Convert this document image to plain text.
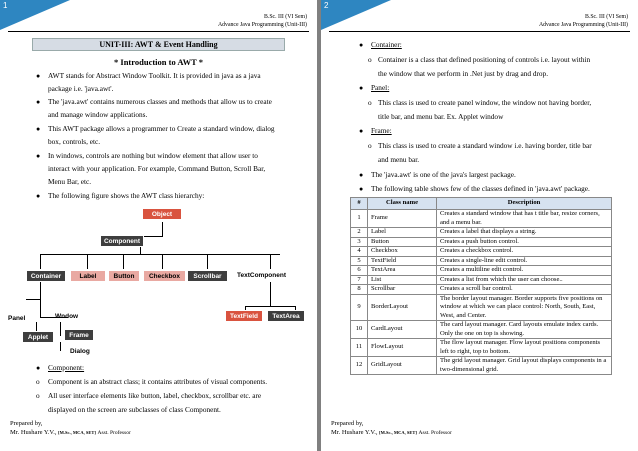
1
B.Sc. III (VI Sem)
Advance Java Programming (Unit-III)
UNIT-III: AWT & Event Handling
* Introduction to AWT *
● AWT stands for Abstract Window Toolkit. It is provided in java as a java
package i.e. 'java.awt'.
● The 'java.awt' contains numerous classes and methods that allow us to create
and manage window applications.
● This AWT package allows a programmer to Create a standard window, dialog
box, controls, etc.
● In windows, controls are nothing but window element that allow user to
interact with your application. For example, Command Button, Scroll Bar,
Menu Bar, etc.
● The following figure shows the AWT class hierarchy:
Object
Component
Container	Label	Button	Checkbox	Scrollbar	TextComponent
Panel	Wndow
Applet	Frame
Dialog
TextField	TextArea
● Component:
o Component is an abstract class; it contains attributes of visual components.
o All user interface elements like button, label, checkbox, scrollbar etc. are
displayed on the screen are subclasses of class Component.
Prepared by,
Mr. Hushare Y.V., [M.Sc., MCA, SET] Asst. Professor
2
B.Sc. III (VI Sem)
Advance Java Programming (Unit-III)
● Container:
o Container is a class that defined positioning of controls i.e. layout within
the window that we perform in .Net just by drag and drop.
● Panel:
o This class is used to create panel window, the window not having border,
title bar, and menu bar. Ex. Applet window
● Frame:
o This class is used to create a standard window i.e. having border, title bar
and menu bar.
● The 'java.awt' is one of the java's largest package.
● The following table shows few of the classes defined in 'java.awt' package.
#	Class name	Description
1	Frame	Creates a standard window that has t title bar, resize corners, and a menu bar.
2	Label	Creates a label that displays a string.
3	Button	Creates a push button control.
4	Checkbox	Creates a checkbox control.
5	TextField	Creates a single-line edit control.
6	TextArea	Creates a multiline edit control.
7	List	Creates a list from which the user can choose..
8	Scrollbar	Creates a scroll bar control.
9	BorderLayout	The border layout manager. Border supports five positions on window at which we can place control: North, South, East, West, and Center.
10	CardLayout	The card layout manager. Card layouts emulate index cards. Only the one on top is showing.
11	FlowLayout	The flow layout manager. Flow layout positions components left to right, top to bottom.
12	GridLayout	The grid layout manager. Grid layout displays components in a two-dimensional grid.
Prepared by,
Mr. Hushare Y.V., [M.Sc., MCA, SET] Asst. Professor
